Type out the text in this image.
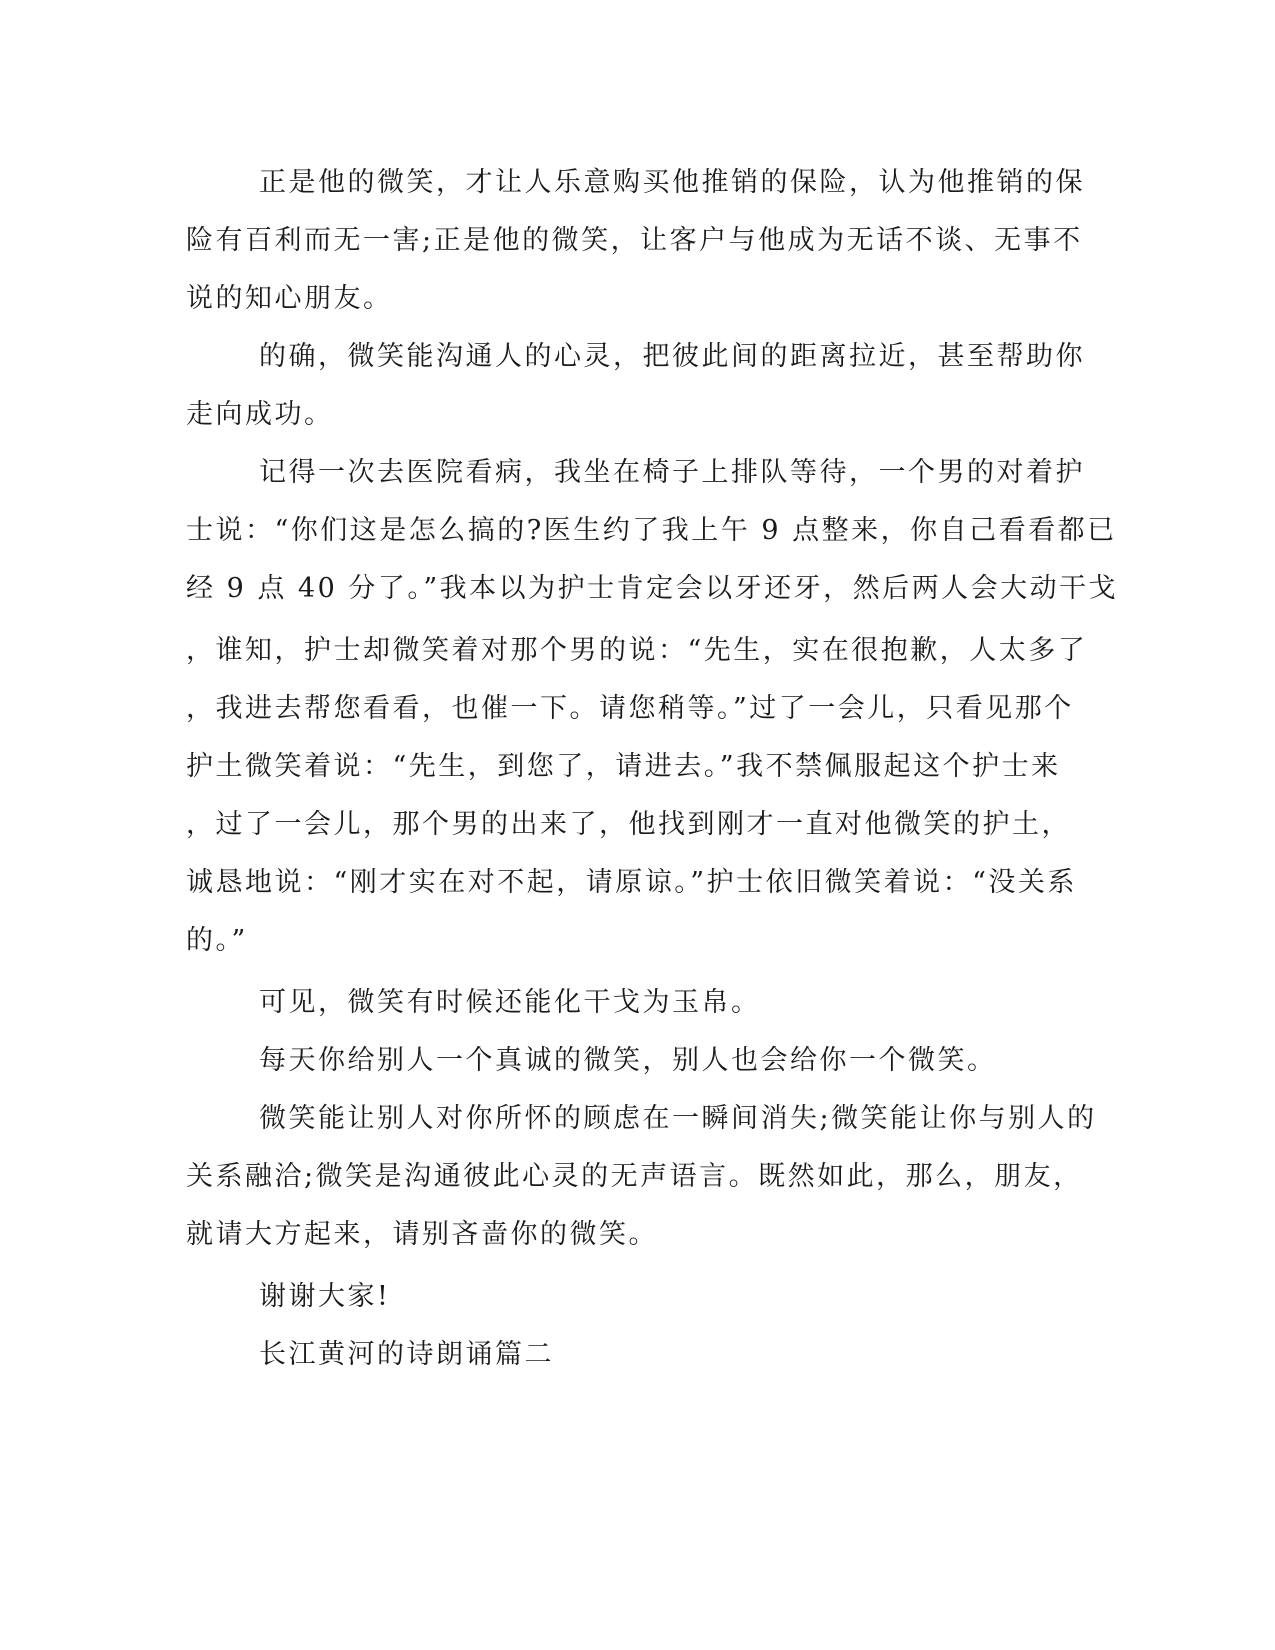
正是他的微笑，才让人乐意购买他推销的保险，认为他推销的保
险有百利而无一害;正是他的微笑，让客户与他成为无话不谈、无事不
说的知心朋友。
的确，微笑能沟通人的心灵，把彼此间的距离拉近，甚至帮助你
走向成功。
记得一次去医院看病，我坐在椅子上排队等待，一个男的对着护
士说：“你们这是怎么搞的?医生约了我上午 9 点整来，你自己看看都已
经 9 点 40 分了。”我本以为护士肯定会以牙还牙，然后两人会大动干戈
，谁知，护士却微笑着对那个男的说：“先生，实在很抱歉，人太多了
，我进去帮您看看，也催一下。请您稍等。”过了一会儿，只看见那个
护土微笑着说：“先生，到您了，请进去。”我不禁佩服起这个护士来
，过了一会儿，那个男的出来了，他找到刚才一直对他微笑的护土，
诚恳地说：“刚才实在对不起，请原谅。”护士依旧微笑着说：“没关系
的。”
可见，微笑有时候还能化干戈为玉帛。
每天你给别人一个真诚的微笑，别人也会给你一个微笑。
微笑能让别人对你所怀的顾虑在一瞬间消失;微笑能让你与别人的
关系融洽;微笑是沟通彼此心灵的无声语言。既然如此，那么，朋友，
就请大方起来，请别吝啬你的微笑。
谢谢大家!
长江黄河的诗朗诵篇二
